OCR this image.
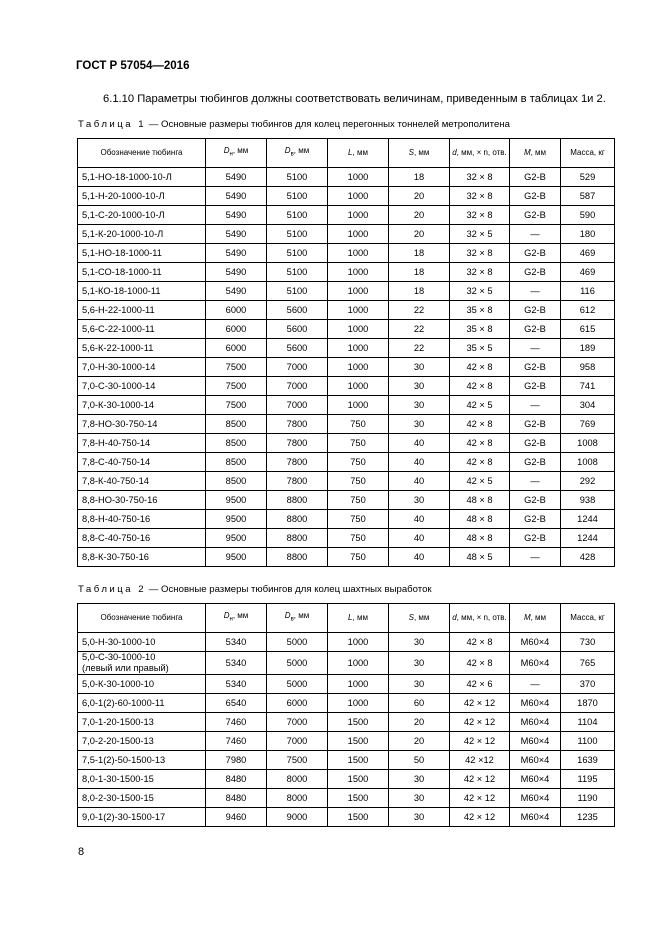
ГОСТ Р 57054—2016
6.1.10 Параметры тюбингов должны соответствовать величинам, приведенным в таблицах 1и 2.
Таблица 1 — Основные размеры тюбингов для колец перегонных тоннелей метрополитена
Обозначение тюбинга	$D_н$, мм	$D_в$, мм	L, мм	S, мм	d, мм, × n, отв.	M, мм	Масса, кг
5,1-НО-18-1000-10-Л	5490	5100	1000	18	32 × 8	G2-B	529
5,1-Н-20-1000-10-Л	5490	5100	1000	20	32 × 8	G2-B	587
5,1-С-20-1000-10-Л	5490	5100	1000	20	32 × 8	G2-B	590
5,1-К-20-1000-10-Л	5490	5100	1000	20	32 × 5	—	180
5,1-НО-18-1000-11	5490	5100	1000	18	32 × 8	G2-B	469
5,1-СО-18-1000-11	5490	5100	1000	18	32 × 8	G2-B	469
5,1-КО-18-1000-11	5490	5100	1000	18	32 × 5	—	116
5,6-Н-22-1000-11	6000	5600	1000	22	35 × 8	G2-B	612
5,6-С-22-1000-11	6000	5600	1000	22	35 × 8	G2-B	615
5,6-К-22-1000-11	6000	5600	1000	22	35 × 5	—	189
7,0-Н-30-1000-14	7500	7000	1000	30	42 × 8	G2-B	958
7,0-С-30-1000-14	7500	7000	1000	30	42 × 8	G2-B	741
7,0-К-30-1000-14	7500	7000	1000	30	42 × 5	—	304
7,8-НО-30-750-14	8500	7800	750	30	42 × 8	G2-B	769
7,8-Н-40-750-14	8500	7800	750	40	42 × 8	G2-B	1008
7,8-С-40-750-14	8500	7800	750	40	42 × 8	G2-B	1008
7,8-К-40-750-14	8500	7800	750	40	42 × 5	—	292
8,8-НО-30-750-16	9500	8800	750	30	48 × 8	G2-B	938
8,8-Н-40-750-16	9500	8800	750	40	48 × 8	G2-B	1244
8,8-С-40-750-16	9500	8800	750	40	48 × 8	G2-B	1244
8,8-К-30-750-16	9500	8800	750	40	48 × 5	—	428
Таблица 2 — Основные размеры тюбингов для колец шахтных выработок
Обозначение тюбинга	$D_н$, мм	$D_в$, мм	L, мм	S, мм	d, мм, × n, отв.	M, мм	Масса, кг
5,0-Н-30-1000-10	5340	5000	1000	30	42 × 8	M60×4	730
5,0-С-30-1000-10
(левый или правый)	5340	5000	1000	30	42 × 8	M60×4	765
5,0-К-30-1000-10	5340	5000	1000	30	42 × 6	—	370
6,0-1(2)-60-1000-11	6540	6000	1000	60	42 × 12	M60×4	1870
7,0-1-20-1500-13	7460	7000	1500	20	42 × 12	M60×4	1104
7,0-2-20-1500-13	7460	7000	1500	20	42 × 12	M60×4	1100
7,5-1(2)-50-1500-13	7980	7500	1500	50	42 ×12	M60×4	1639
8,0-1-30-1500-15	8480	8000	1500	30	42 × 12	M60×4	1195
8,0-2-30-1500-15	8480	8000	1500	30	42 × 12	M60×4	1190
9,0-1(2)-30-1500-17	9460	9000	1500	30	42 × 12	M60×4	1235
8
